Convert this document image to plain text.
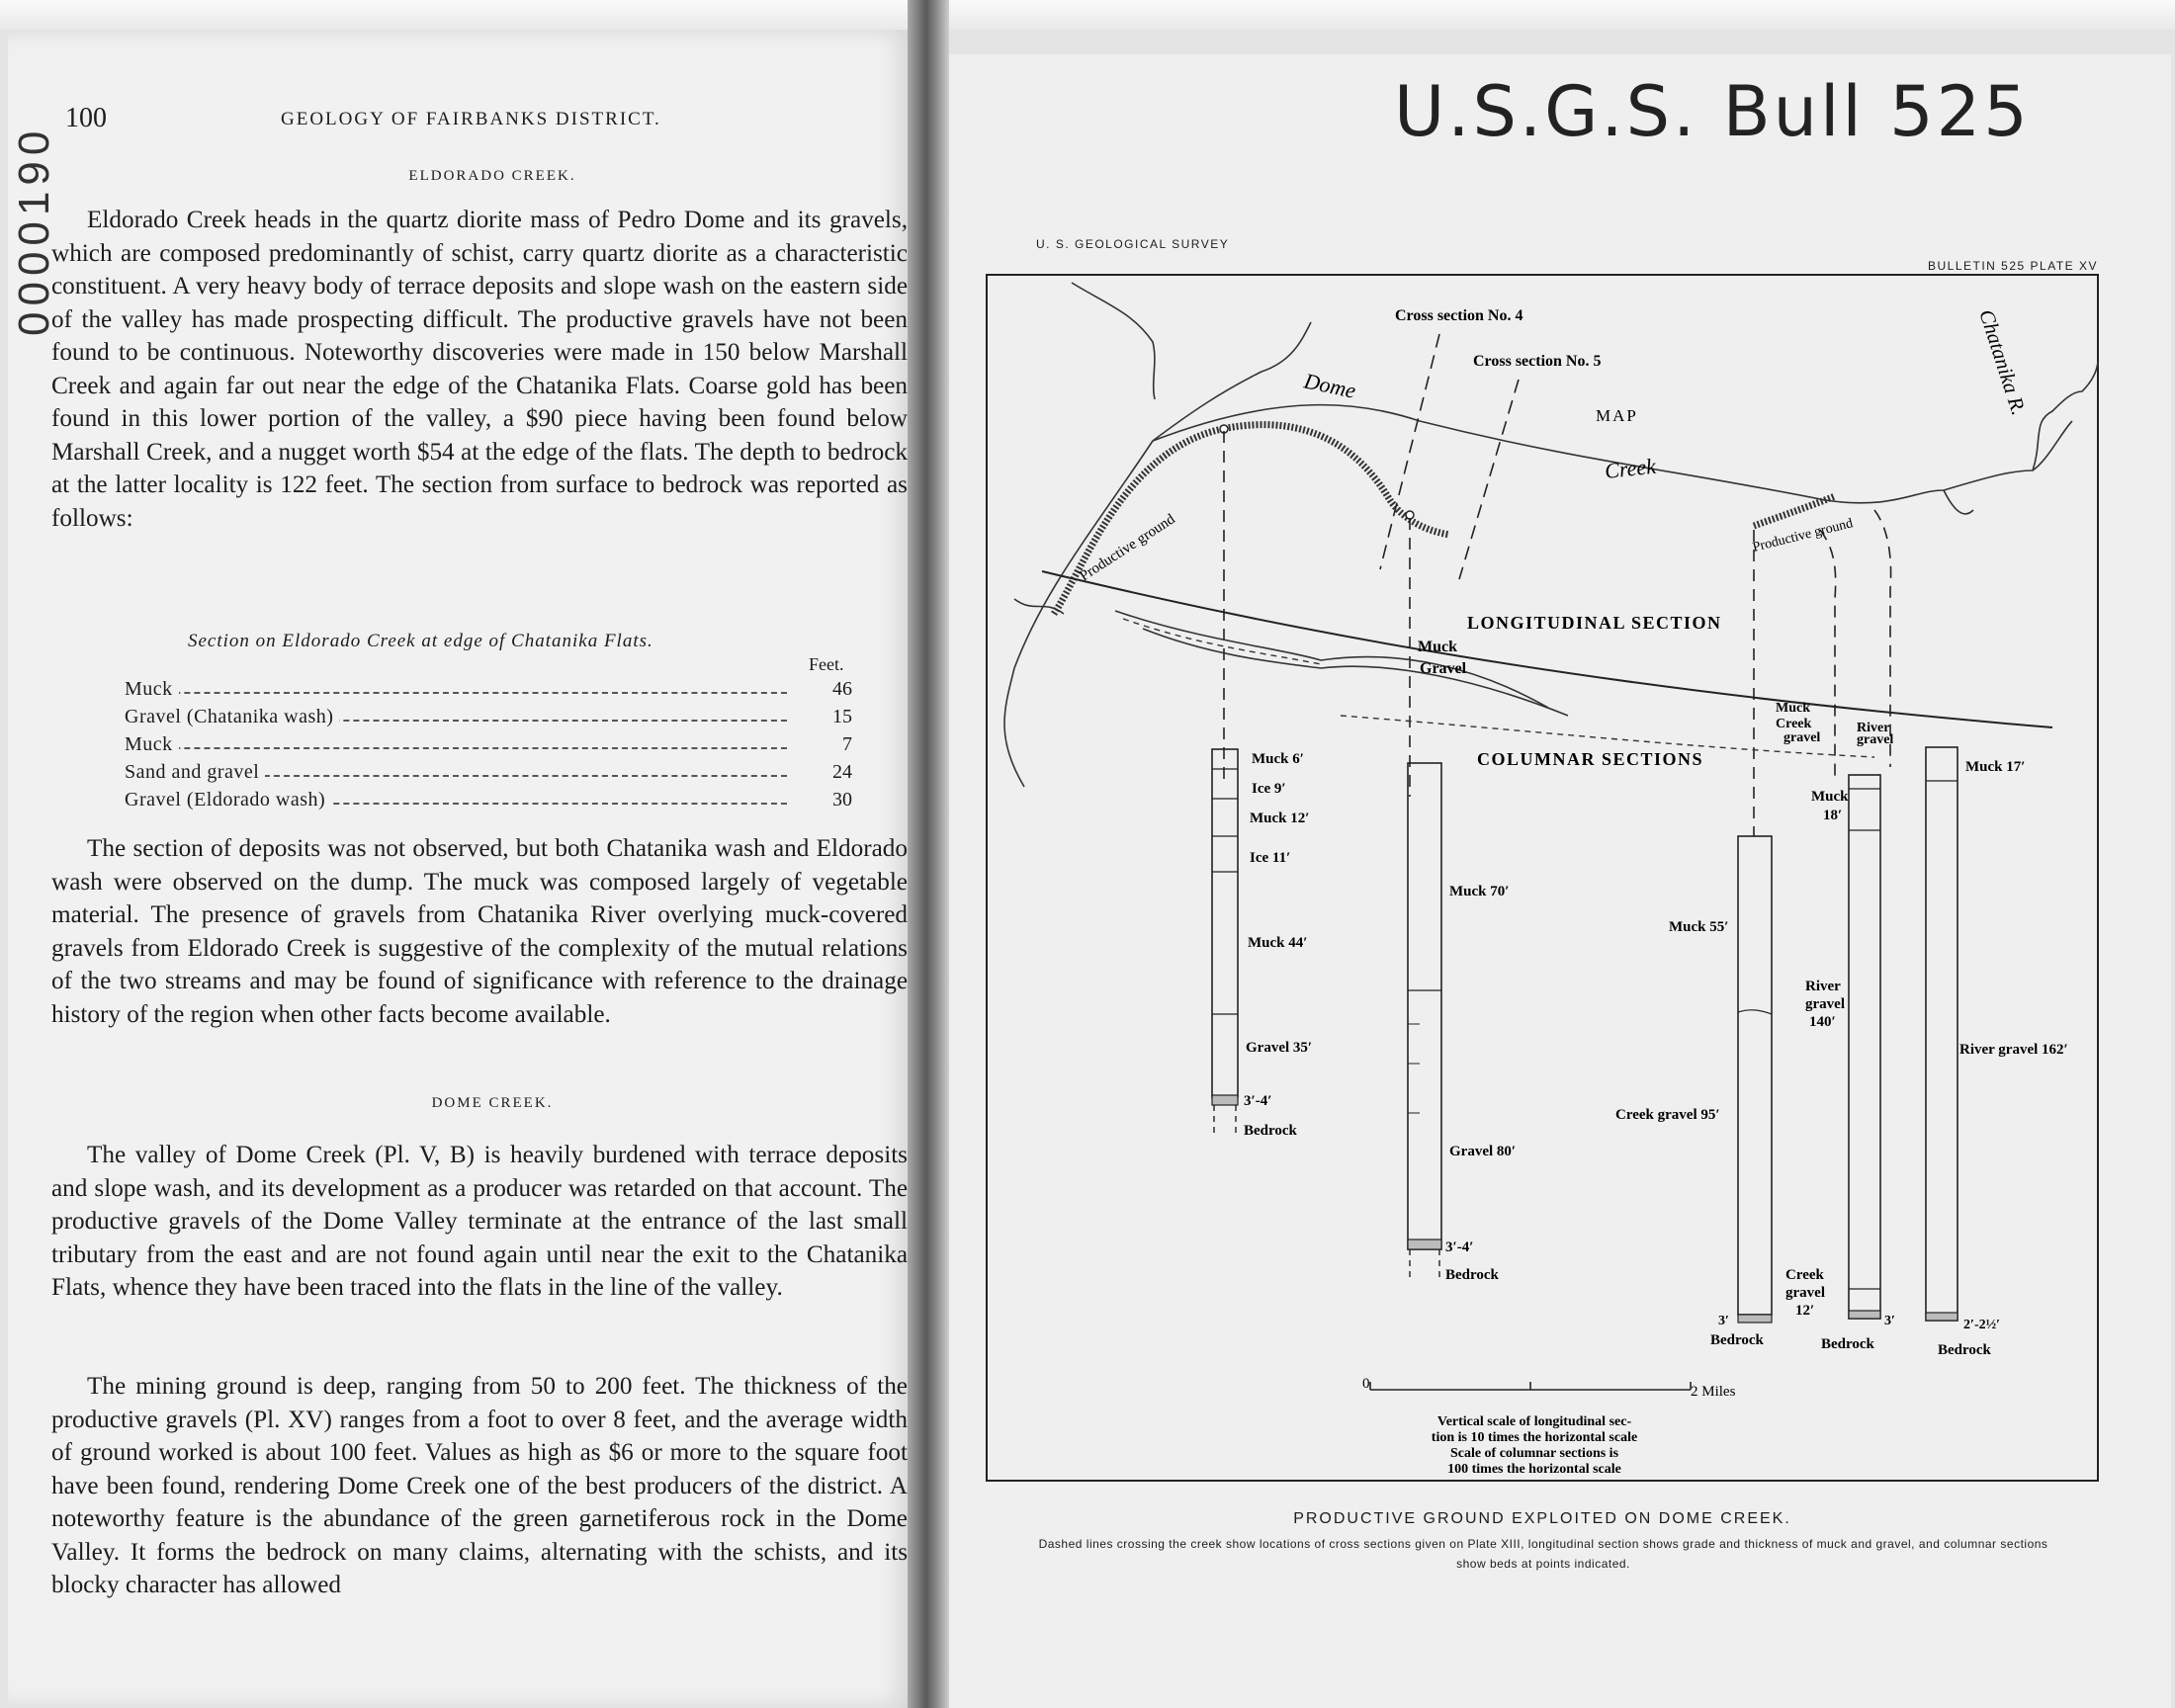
0000190
100	GEOLOGY OF FAIRBANKS DISTRICT.
ELDORADO CREEK.

Eldorado Creek heads in the quartz diorite mass of Pedro Dome and its gravels, which are composed predominantly of schist, carry quartz diorite as a characteristic constituent. A very heavy body of terrace deposits and slope wash on the eastern side of the valley has made prospecting difficult. The productive gravels have not been found to be continuous. Noteworthy discoveries were made in 150 below Marshall Creek and again far out near the edge of the Chatanika Flats. Coarse gold has been found in this lower portion of the valley, a $90 piece having been found below Marshall Creek, and a nugget worth $54 at the edge of the flats. The depth to bedrock at the latter locality is 122 feet. The section from surface to bedrock was reported as follows:

Section on Eldorado Creek at edge of Chatanika Flats.
Feet.
Muck	46
Gravel (Chatanika wash)	15
Muck	7
Sand and gravel	24
Gravel (Eldorado wash)	30

The section of deposits was not observed, but both Chatanika wash and Eldorado wash were observed on the dump. The muck was composed largely of vegetable material. The presence of gravels from Chatanika River overlying muck-covered gravels from Eldorado Creek is suggestive of the complexity of the mutual relations of the two streams and may be found of significance with reference to the drainage history of the region when other facts become available.

DOME CREEK.

The valley of Dome Creek (Pl. V, B) is heavily burdened with terrace deposits and slope wash, and its development as a producer was retarded on that account. The productive gravels of the Dome Valley terminate at the entrance of the last small tributary from the east and are not found again until near the exit to the Chatanika Flats, whence they have been traced into the flats in the line of the valley.

The mining ground is deep, ranging from 50 to 200 feet. The thickness of the productive gravels (Pl. XV) ranges from a foot to over 8 feet, and the average width of ground worked is about 100 feet. Values as high as $6 or more to the square foot have been found, rendering Dome Creek one of the best producers of the district. A noteworthy feature is the abundance of the green garnetiferous rock in the Dome Valley. It forms the bedrock on many claims, alternating with the schists, and its blocky character has allowed

U.S.G.S. Bull 525
U. S. GEOLOGICAL SURVEY
BULLETIN 525 PLATE XV
Cross section No. 4
Cross section No. 5
MAP
Dome
Creek
Chatanika R.
Productive ground	Productive ground
Muck
Gravel
LONGITUDINAL SECTION
Muck
Creek
gravel
River
gravel
COLUMNAR SECTIONS
Muck 6′
Ice 9′
Muck 12′
Ice 11′
Muck 44′
Gravel 35′
3′-4′
Bedrock
Muck 70′
Gravel 80′
3′-4′
Bedrock
Muck 55′
Creek gravel 95′
3′
Bedrock
Muck
18′
River
gravel
140′
Creek
gravel
12′
3′
Bedrock
Muck 17′
River gravel 162′
2′-2½′
Bedrock
0	2 Miles
Vertical scale of longitudinal sec-
tion is 10 times the horizontal scale
Scale of columnar sections is
100 times the horizontal scale
PRODUCTIVE GROUND EXPLOITED ON DOME CREEK.
Dashed lines crossing the creek show locations of cross sections given on Plate XIII, longitudinal section shows grade and thickness of muck and gravel, and columnar sections show beds at points indicated.
